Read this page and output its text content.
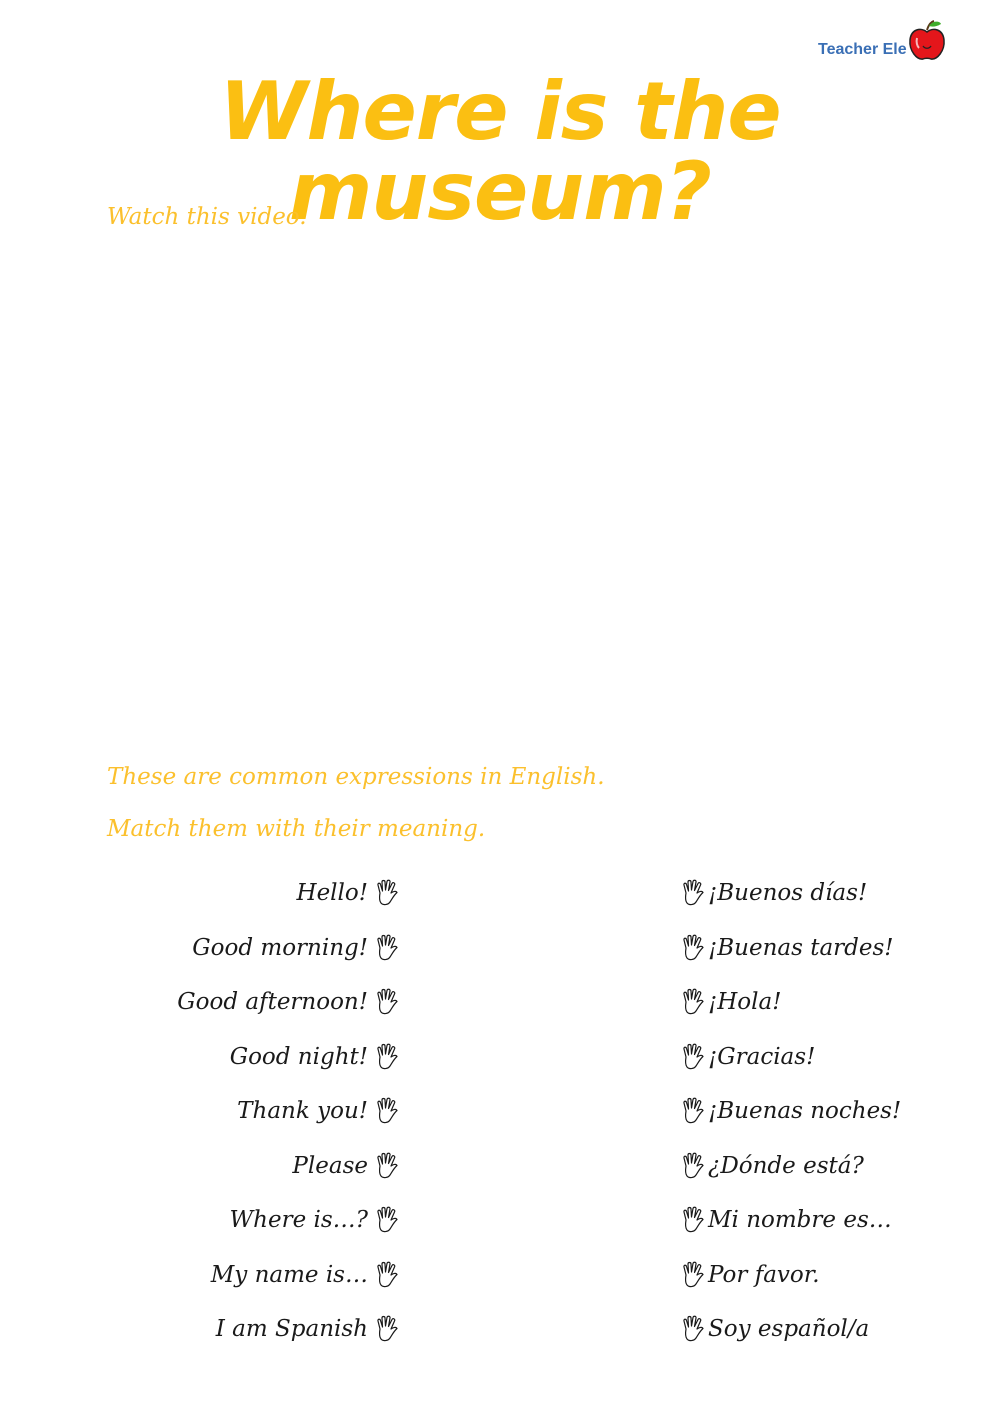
Teacher Ele
Where is the museum?
Watch this video.
These are common expressions in English.
Match them with their meaning.
Hello!
Good morning!
Good afternoon!
Good night!
Thank you!
Please
Where is…?
My name is…
I am Spanish
¡Buenos días!
¡Buenas tardes!
¡Hola!
¡Gracias!
¡Buenas noches!
¿Dónde está?
Mi nombre es…
Por favor.
Soy español/a
